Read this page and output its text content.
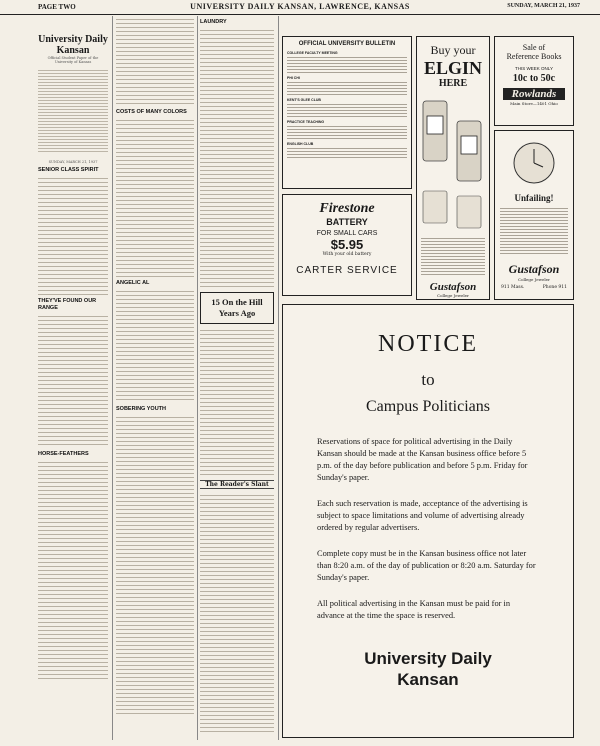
PAGE TWO	UNIVERSITY DAILY KANSAN, LAWRENCE, KANSAS	SUNDAY, MARCH 21, 1937
University Daily Kansan
Official Student Paper of the University of Kansas
SUNDAY, MARCH 21, 1937
SENIOR CLASS SPIRIT
THEY'VE FOUND OUR RANGE
HORSE-FEATHERS
COSTS OF MANY COLORS
ANGELIC AL
SOBERING YOUTH
LAUNDRY
15 On the Hill
Years Ago
The Reader's Slant
OFFICIAL UNIVERSITY BULLETIN
COLLEGE FACULTY MEETING
PHI CHI
KENT'S GLEE CLUB
PRACTICE TEACHING
ENGLISH CLUB
Buy your
ELGIN
HERE
Gustafson
College Jeweler
Sale of
Reference Books
THIS WEEK ONLY
10c to 50c
Rowlands
Main Store—1401 Ohio
Unfailing!
Gustafson
College Jeweler
911 Mass.	Phone 911
Firestone
BATTERY
FOR SMALL CARS
$5.95
With your old battery
CARTER SERVICE
NOTICE
to
Campus Politicians
Reservations of space for political advertising in the Daily Kansan should be made at the Kansan business office before 5 p.m. of the day before publication and before 5 p.m. Friday for Sunday's paper.
Each such reservation is made, acceptance of the advertising is subject to space limitations and volume of advertising already ordered by regular advertisers.
Complete copy must be in the Kansan business office not later than 8:20 a.m. of the day of publication or 8:20 a.m. Saturday for Sunday's paper.
All political advertising in the Kansan must be paid for in advance at the time the space is reserved.
University Daily
Kansan
